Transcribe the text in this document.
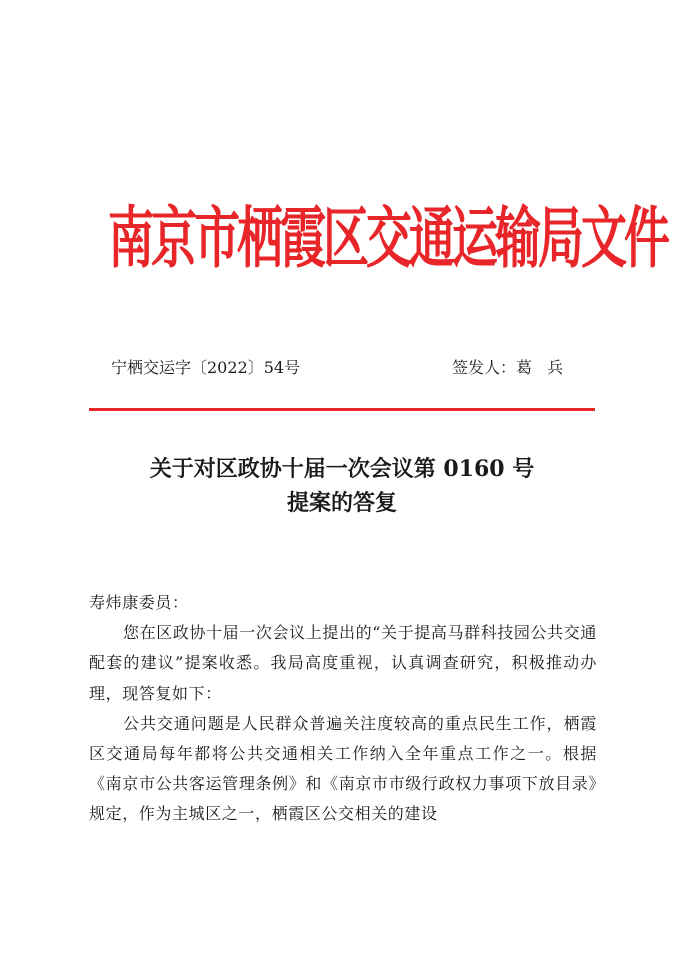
南京市栖霞区交通运输局文件
宁栖交运字〔2022〕54号	签发人：葛 兵
关于对区政协十届一次会议第 0160 号
提案的答复

寿炜康委员：

您在区政协十届一次会议上提出的“关于提高马群科技园公共交通配套的建议”提案收悉。我局高度重视，认真调查研究，积极推动办理，现答复如下：

公共交通问题是人民群众普遍关注度较高的重点民生工作，栖霞区交通局每年都将公共交通相关工作纳入全年重点工作之一。根据《南京市公共客运管理条例》和《南京市市级行政权力事项下放目录》规定，作为主城区之一，栖霞区公交相关的建设
